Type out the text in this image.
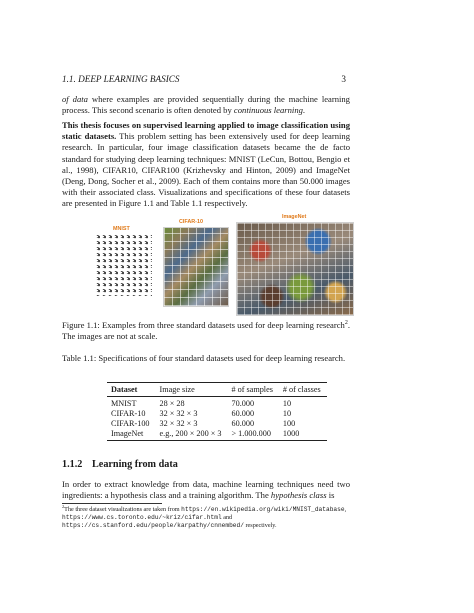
1.1. DEEP LEARNING BASICS	3
of data where examples are provided sequentially during the machine learning process. This second scenario is often denoted by continuous learning.
This thesis focuses on supervised learning applied to image classification using static datasets. This problem setting has been extensively used for deep learning research. In particular, four image classification datasets became the de facto standard for studying deep learning techniques: MNIST (LeCun, Bottou, Bengio et al., 1998), CIFAR10, CIFAR100 (Krizhevsky and Hinton, 2009) and ImageNet (Deng, Dong, Socher et al., 2009). Each of them contains more than 50.000 images with their associated class. Visualizations and specifications of these four datasets are presented in Figure 1.1 and Table 1.1 respectively.
MNIST
CIFAR-10
ImageNet
Figure 1.1: Examples from three standard datasets used for deep learning research$^2$. The images are not at scale.
Table 1.1: Specifications of four standard datasets used for deep learning research.
Dataset	Image size	# of samples	# of classes
MNIST	28 × 28	70.000	10
CIFAR-10	32 × 32 × 3	60.000	10
CIFAR-100	32 × 32 × 3	60.000	100
ImageNet	e.g., 200 × 200 × 3	> 1.000.000	1000
1.1.2 Learning from data
In order to extract knowledge from data, machine learning techniques need two ingredients: a hypothesis class and a training algorithm. The hypothesis class is
$^2$The three dataset visualizations are taken from https://en.wikipedia.org/wiki/MNIST_database, https://www.cs.toronto.edu/~kriz/cifar.html and https://cs.stanford.edu/people/karpathy/cnnembed/ respectively.
